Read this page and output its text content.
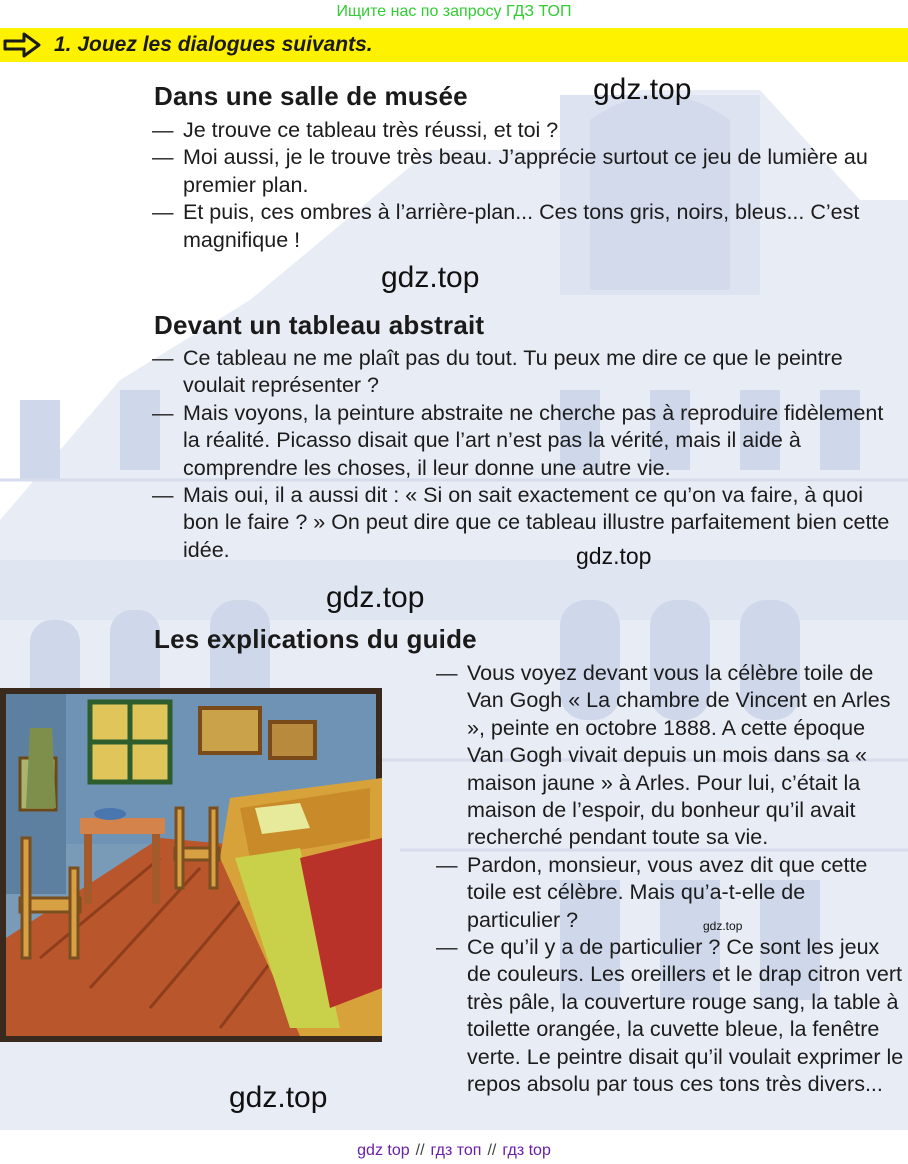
Ищите нас по запросу ГДЗ ТОП
1. Jouez les dialogues suivants.
Dans une salle de musée
— Je trouve ce tableau très réussi, et toi ?
— Moi aussi, je le trouve très beau. J’apprécie surtout ce jeu de lumière au premier plan.
— Et puis, ces ombres à l’arrière-plan... Ces tons gris, noirs, bleus... C’est magnifique !
Devant un tableau abstrait
— Ce tableau ne me plaît pas du tout. Tu peux me dire ce que le peintre voulait représenter ?
— Mais voyons, la peinture abstraite ne cherche pas à reproduire fidèlement la réalité. Picasso disait que l’art n’est pas la vérité, mais il aide à comprendre les choses, il leur donne une autre vie.
— Mais oui, il a aussi dit : « Si on sait exactement ce qu’on va faire, à quoi bon le faire ? » On peut dire que ce tableau illustre parfaitement bien cette idée.
Les explications du guide
— Vous voyez devant vous la célèbre toile de Van Gogh « La chambre de Vincent en Arles », peinte en octobre 1888. A cette époque Van Gogh vivait depuis un mois dans sa « maison jaune » à Arles. Pour lui, c’était la maison de l’espoir, du bonheur qu’il avait recherché pendant toute sa vie.
— Pardon, monsieur, vous avez dit que cette toile est célèbre. Mais qu’a-t-elle de particulier ?
— Ce qu’il y a de particulier ? Ce sont les jeux de couleurs. Les oreillers et le drap citron vert très pâle, la couverture rouge sang, la table à toilette orangée, la cuvette bleue, la fenêtre verte. Le peintre disait qu’il voulait exprimer le repos absolu par tous ces tons très divers...
gdz.top
gdz.top
gdz.top
gdz.top
gdz.top
gdz.top
gdz top // гдз топ // гдз top
